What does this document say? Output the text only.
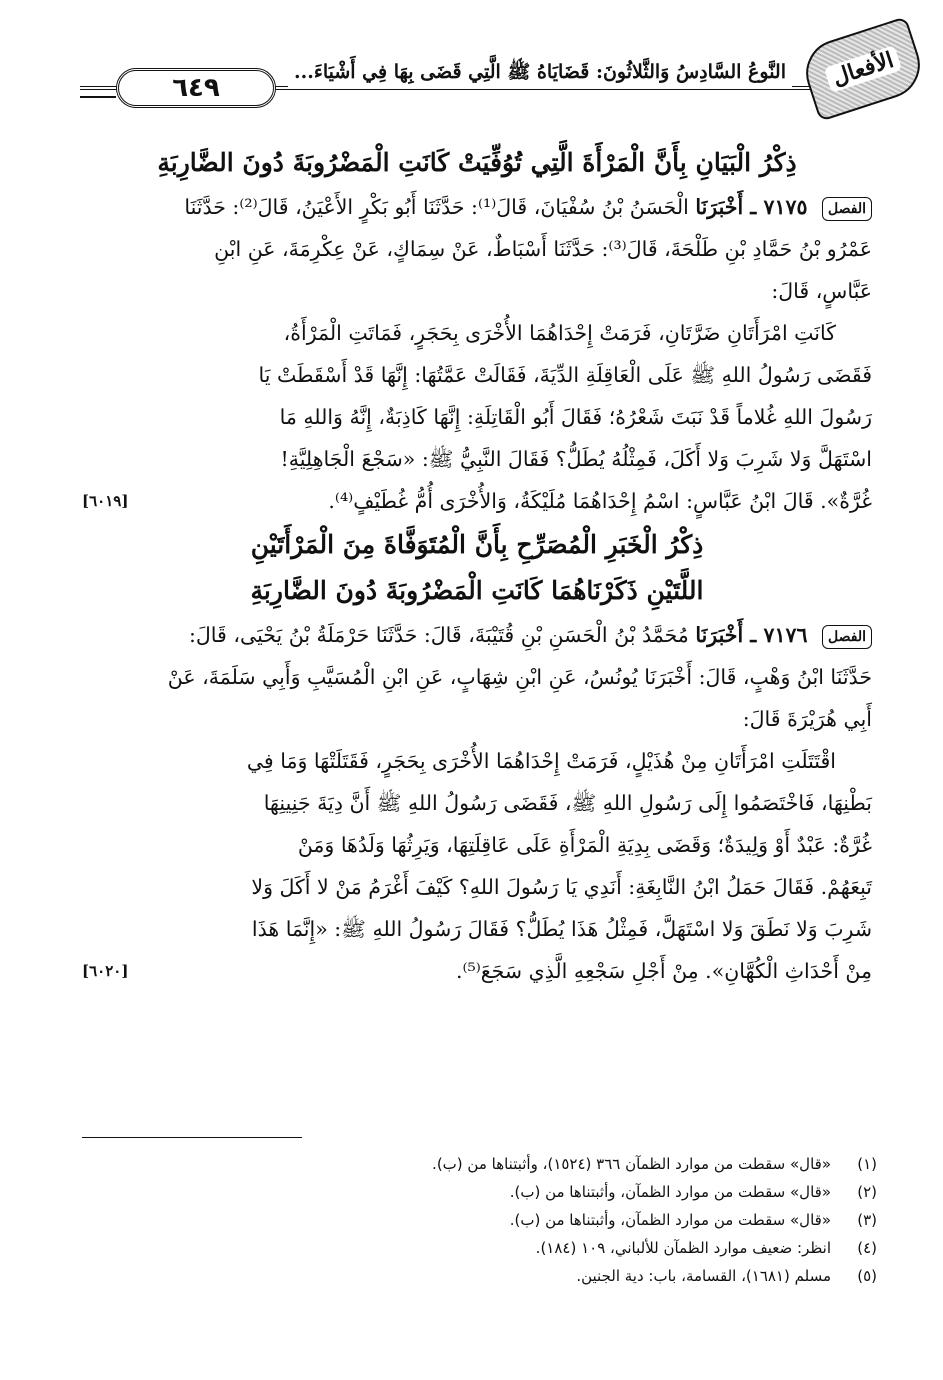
٦٤٩
النَّوعُ السَّادِسُ وَالثَّلاثُونَ: قَضَايَاهُ ﷺ الَّتِي قَضَى بِهَا فِي أَشْيَاءَ... الأفعال

ذِكْرُ الْبَيَانِ بِأَنَّ الْمَرْأَةَ الَّتِي تُوُفِّيَتْ كَانَتِ الْمَضْرُوبَةَ دُونَ الضَّارِبَةِ

الفصل ٧١٧٥ ـ أَخْبَرَنَا الْحَسَنُ بْنُ سُفْيَانَ، قَالَ⁽¹⁾: حَدَّثَنَا أَبُو بَكْرٍ الأَعْيَنُ، قَالَ⁽²⁾: حَدَّثَنَا

عَمْرُو بْنُ حَمَّادِ بْنِ طَلْحَةَ، قَالَ⁽³⁾: حَدَّثَنَا أَسْبَاطٌ، عَنْ سِمَاكٍ، عَنْ عِكْرِمَةَ، عَنِ ابْنِ

عَبَّاسٍ، قَالَ:

كَانَتِ امْرَأَتَانِ ضَرَّتَانِ، فَرَمَتْ إِحْدَاهُمَا الأُخْرَى بِحَجَرٍ، فَمَاتَتِ الْمَرْأَةُ،

فَقَضَى رَسُولُ اللهِ ﷺ عَلَى الْعَاقِلَةِ الدِّيَةَ، فَقَالَتْ عَمَّتُهَا: إِنَّهَا قَدْ أَسْقَطَتْ يَا

رَسُولَ اللهِ غُلاماً قَدْ نَبَتَ شَعْرُهُ؛ فَقَالَ أَبُو الْقَاتِلَةِ: إِنَّهَا كَاذِبَةٌ، إِنَّهُ وَاللهِ مَا

اسْتَهَلَّ وَلا شَرِبَ وَلا أَكَلَ، فَمِثْلُهُ يُطَلُّ؟ فَقَالَ النَّبِيُّ ﷺ: «سَجْعَ الْجَاهِلِيَّةِ!

غُرَّةٌ». قَالَ ابْنُ عَبَّاسٍ: اسْمُ إِحْدَاهُمَا مُلَيْكَةُ، وَالأُخْرَى أُمُّ غُطَيْفٍ⁽⁴⁾.
[٦٠١٩]

ذِكْرُ الْخَبَرِ الْمُصَرِّحِ بِأَنَّ الْمُتَوَفَّاةَ مِنَ الْمَرْأَتَيْنِ

اللَّتَيْنِ ذَكَرْنَاهُمَا كَانَتِ الْمَضْرُوبَةَ دُونَ الضَّارِبَةِ

الفصل ٧١٧٦ ـ أَخْبَرَنَا مُحَمَّدُ بْنُ الْحَسَنِ بْنِ قُتَيْبَةَ، قَالَ: حَدَّثَنَا حَرْمَلَةُ بْنُ يَحْيَى، قَالَ:

حَدَّثَنَا ابْنُ وَهْبٍ، قَالَ: أَخْبَرَنَا يُونُسُ، عَنِ ابْنِ شِهَابٍ، عَنِ ابْنِ الْمُسَيَّبِ وَأَبِي سَلَمَةَ، عَنْ

أَبِي هُرَيْرَةَ قَالَ:

اقْتَتَلَتِ امْرَأَتَانِ مِنْ هُذَيْلٍ، فَرَمَتْ إِحْدَاهُمَا الأُخْرَى بِحَجَرٍ، فَقَتَلَتْهَا وَمَا فِي

بَطْنِهَا، فَاخْتَصَمُوا إِلَى رَسُولِ اللهِ ﷺ، فَقَضَى رَسُولُ اللهِ ﷺ أَنَّ دِيَةَ جَنِينِهَا

غُرَّةٌ: عَبْدٌ أَوْ وَلِيدَةٌ؛ وَقَضَى بِدِيَةِ الْمَرْأَةِ عَلَى عَاقِلَتِهَا، وَيَرِثُهَا وَلَدُهَا وَمَنْ

تَبِعَهُمْ. فَقَالَ حَمَلُ ابْنُ النَّابِغَةِ: أَنَدِي يَا رَسُولَ اللهِ؟ كَيْفَ أَغْرَمُ مَنْ لا أَكَلَ وَلا

شَرِبَ وَلا نَطَقَ وَلا اسْتَهَلَّ، فَمِثْلُ هَذَا يُطَلُّ؟ فَقَالَ رَسُولُ اللهِ ﷺ: «إِنَّمَا هَذَا

مِنْ أَحْدَاثِ الْكُهَّانِ». مِنْ أَجْلِ سَجْعِهِ الَّذِي سَجَعَ⁽⁵⁾.
[٦٠٢٠]

(١)«قال» سقطت من موارد الظمآن ٣٦٦ (١٥٢٤)، وأثبتناها من (ب).
(٢)«قال» سقطت من موارد الظمآن، وأثبتناها من (ب).
(٣)«قال» سقطت من موارد الظمآن، وأثبتناها من (ب).
(٤)انظر: ضعيف موارد الظمآن للألباني، ١٠٩ (١٨٤).
(٥)مسلم (١٦٨١)، القسامة، باب: دية الجنين.
